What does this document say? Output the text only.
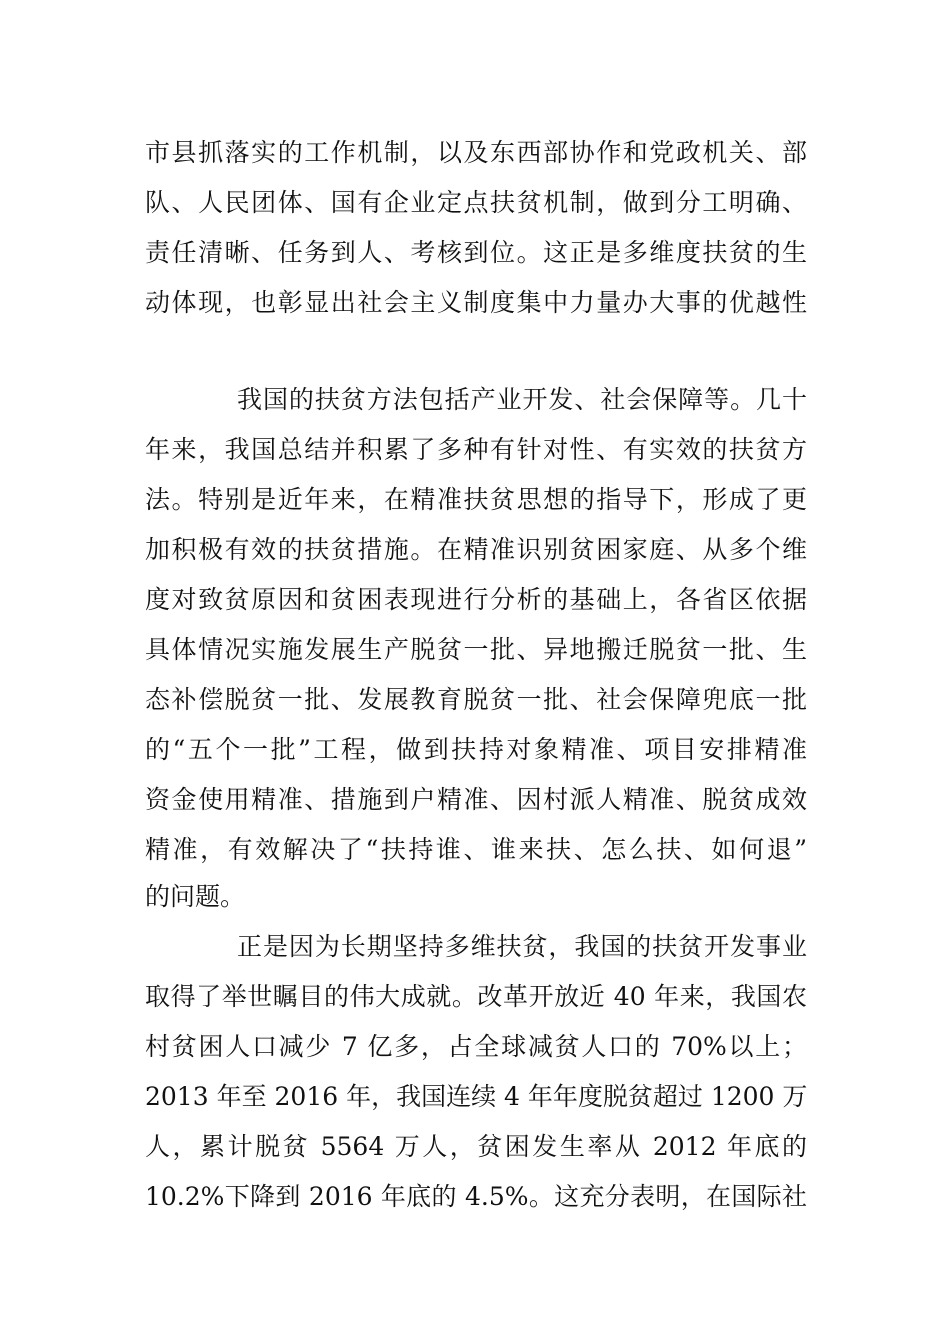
市县抓落实的工作机制，以及东西部协作和党政机关、部
队、人民团体、国有企业定点扶贫机制，做到分工明确、
责任清晰、任务到人、考核到位。这正是多维度扶贫的生
动体现，也彰显出社会主义制度集中力量办大事的优越性
我国的扶贫方法包括产业开发、社会保障等。几十
年来，我国总结并积累了多种有针对性、有实效的扶贫方
法。特别是近年来，在精准扶贫思想的指导下，形成了更
加积极有效的扶贫措施。在精准识别贫困家庭、从多个维
度对致贫原因和贫困表现进行分析的基础上，各省区依据
具体情况实施发展生产脱贫一批、异地搬迁脱贫一批、生
态补偿脱贫一批、发展教育脱贫一批、社会保障兜底一批
的“五个一批”工程，做到扶持对象精准、项目安排精准
资金使用精准、措施到户精准、因村派人精准、脱贫成效
精准，有效解决了“扶持谁、谁来扶、怎么扶、如何退”
的问题。
正是因为长期坚持多维扶贫，我国的扶贫开发事业
取得了举世瞩目的伟大成就。改革开放近 40 年来，我国农
村贫困人口减少 7 亿多，占全球减贫人口的 70%以上；
2013 年至 2016 年，我国连续 4 年年度脱贫超过 1200 万
人，累计脱贫 5564 万人，贫困发生率从 2012 年底的
10.2%下降到 2016 年底的 4.5%。这充分表明，在国际社
